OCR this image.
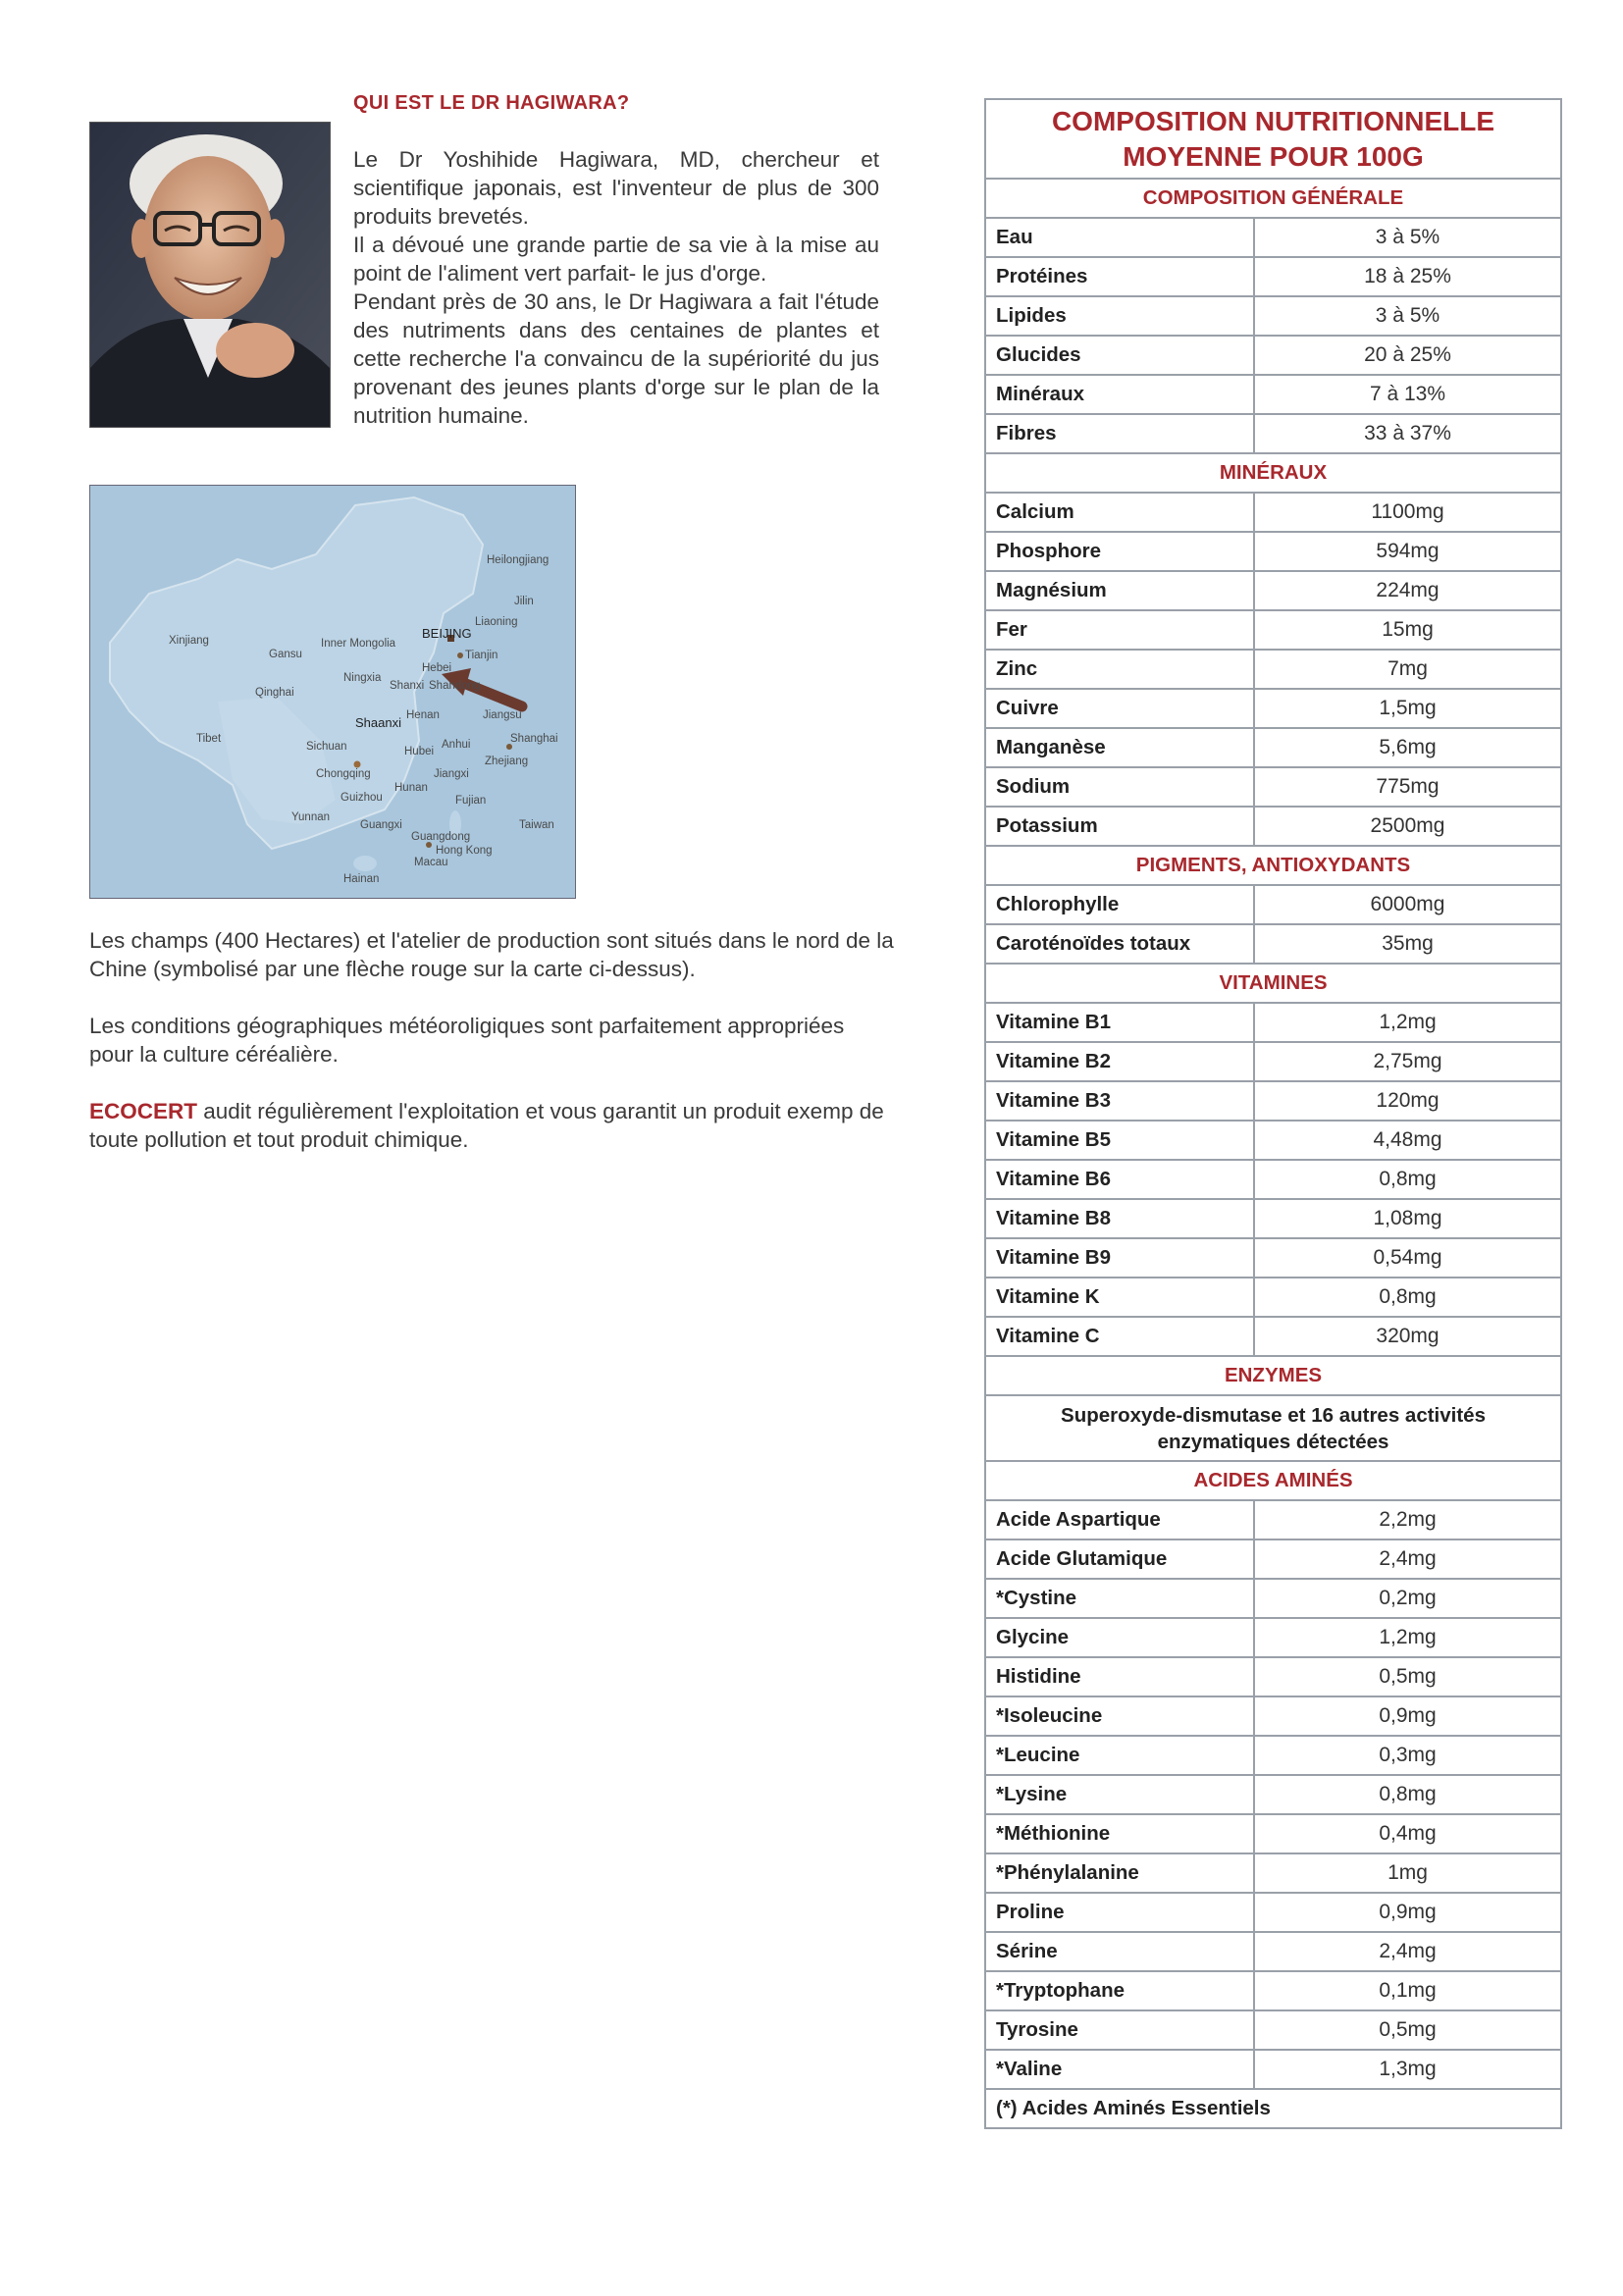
QUI EST LE DR HAGIWARA?

Le Dr Yoshihide Hagiwara, MD, chercheur et scientifique japonais, est l'inventeur de plus de 300 produits brevetés.

Il a dévoué une grande partie de sa vie à la mise au point de l'aliment vert parfait- le jus d'orge.

Pendant près de 30 ans, le Dr Hagiwara a fait l'étude des nutriments dans des centaines de plantes et cette recherche l'a convaincu de la supériorité du jus provenant des jeunes plants d'orge sur le plan de la nutrition humaine.

Heilongjiang
Jilin
Liaoning
Xinjiang
Gansu
Inner Mongolia
BEIJING
Tianjin
Ningxia
Hebei
Qinghai
Shanxi Shandong
Shaanxi Henan	Jiangsu
Tibet	Anhui	Shanghai
Sichuan	Hubei
Zhejiang
Chongqing	Jiangxi
Hunan
Guizhou	Fujian
Yunnan
Guangxi	Taiwan
Guangdong
Hong Kong
Macau
Hainan

Les champs (400 Hectares) et l'atelier de production sont situés dans le nord de la Chine (symbolisé par une flèche rouge sur la carte ci-dessus).

Les conditions géographiques météoroligiques sont parfaitement appropriées pour la culture céréalière.

ECOCERT audit régulièrement l'exploitation et vous garantit un produit exemp de toute pollution et tout produit chimique.

COMPOSITION NUTRITIONNELLE MOYENNE POUR 100G
COMPOSITION GÉNÉRALE
Eau	3 à 5%
Protéines	18 à 25%
Lipides	3 à 5%
Glucides	20 à 25%
Minéraux	7 à 13%
Fibres	33 à 37%
MINÉRAUX
Calcium	1100mg
Phosphore	594mg
Magnésium	224mg
Fer	15mg
Zinc	7mg
Cuivre	1,5mg
Manganèse	5,6mg
Sodium	775mg
Potassium	2500mg
PIGMENTS, ANTIOXYDANTS
Chlorophylle	6000mg
Caroténoïdes totaux	35mg
VITAMINES
Vitamine B1	1,2mg
Vitamine B2	2,75mg
Vitamine B3	120mg
Vitamine B5	4,48mg
Vitamine B6	0,8mg
Vitamine B8	1,08mg
Vitamine B9	0,54mg
Vitamine K	0,8mg
Vitamine C	320mg
ENZYMES
Superoxyde-dismutase et 16 autres activités enzymatiques détectées
ACIDES AMINÉS
Acide Aspartique	2,2mg
Acide Glutamique	2,4mg
*Cystine	0,2mg
Glycine	1,2mg
Histidine	0,5mg
*Isoleucine	0,9mg
*Leucine	0,3mg
*Lysine	0,8mg
*Méthionine	0,4mg
*Phénylalanine	1mg
Proline	0,9mg
Sérine	2,4mg
*Tryptophane	0,1mg
Tyrosine	0,5mg
*Valine	1,3mg
(*) Acides Aminés Essentiels
